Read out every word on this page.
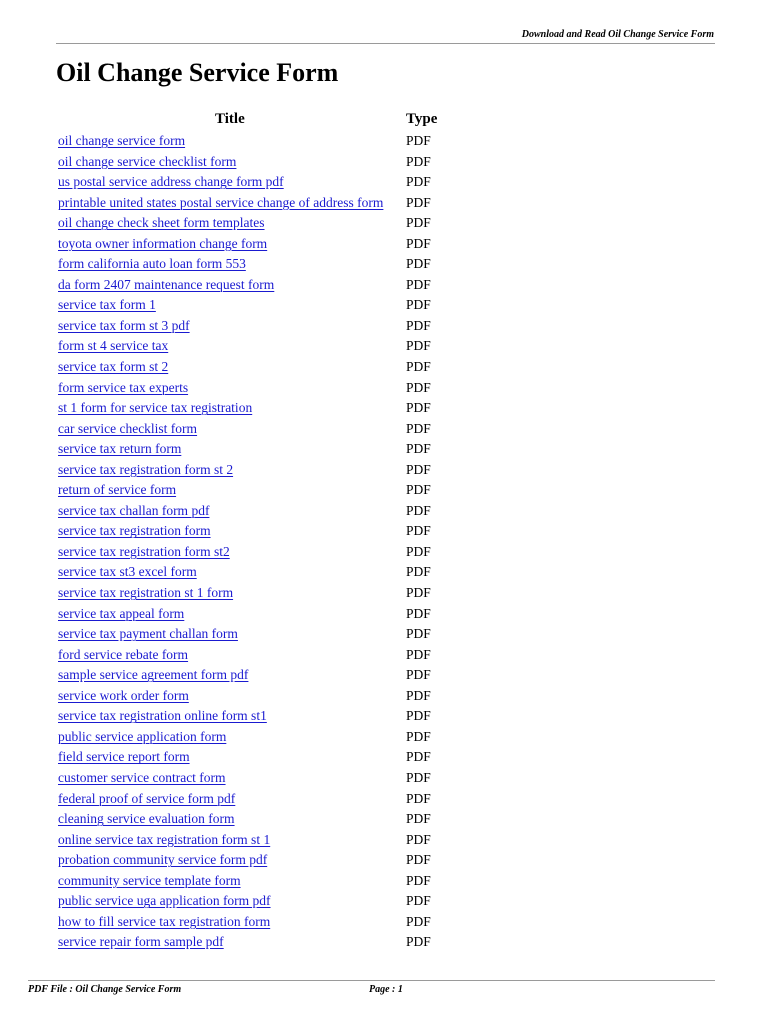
Download and Read Oil Change Service Form
Oil Change Service Form
Title	Type
oil change service form	PDF
oil change service checklist form	PDF
us postal service address change form pdf	PDF
printable united states postal service change of address form PDF
oil change check sheet form templates	PDF
toyota owner information change form	PDF
form california auto loan form 553	PDF
da form 2407 maintenance request form	PDF
service tax form 1	PDF
service tax form st 3 pdf	PDF
form st 4 service tax	PDF
service tax form st 2	PDF
form service tax experts	PDF
st 1 form for service tax registration	PDF
car service checklist form	PDF
service tax return form	PDF
service tax registration form st 2	PDF
return of service form	PDF
service tax challan form pdf	PDF
service tax registration form	PDF
service tax registration form st2	PDF
service tax st3 excel form	PDF
service tax registration st 1 form	PDF
service tax appeal form	PDF
service tax payment challan form	PDF
ford service rebate form	PDF
sample service agreement form pdf	PDF
service work order form	PDF
service tax registration online form st1	PDF
public service application form	PDF
field service report form	PDF
customer service contract form	PDF
federal proof of service form pdf	PDF
cleaning service evaluation form	PDF
online service tax registration form st 1	PDF
probation community service form pdf	PDF
community service template form	PDF
public service uga application form pdf	PDF
how to fill service tax registration form	PDF
service repair form sample pdf	PDF
PDF File : Oil Change Service Form	Page : 1
